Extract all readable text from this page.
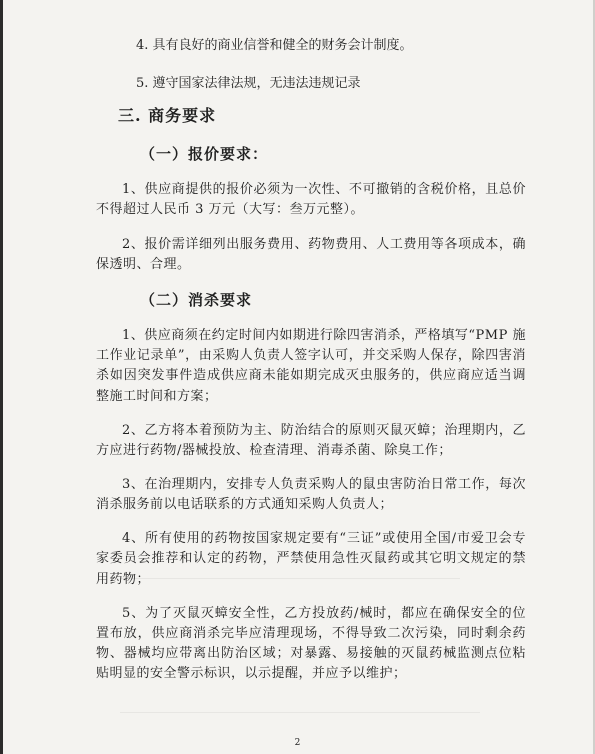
4. 具有良好的商业信誉和健全的财务会计制度。
5. 遵守国家法律法规，无违法违规记录
三. 商务要求
（一）报价要求：

1、供应商提供的报价必须为一次性、不可撤销的含税价格，且总价不得超过人民币 3 万元（大写：叁万元整）。

2、报价需详细列出服务费用、药物费用、人工费用等各项成本，确保透明、合理。

（二）消杀要求

1、供应商须在约定时间内如期进行除四害消杀，严格填写“PMP 施工作业记录单”，由采购人负责人签字认可，并交采购人保存，除四害消杀如因突发事件造成供应商未能如期完成灭虫服务的，供应商应适当调整施工时间和方案；

2、乙方将本着预防为主、防治结合的原则灭鼠灭蟑；治理期内，乙方应进行药物/器械投放、检查清理、消毒杀菌、除臭工作；

3、在治理期内，安排专人负责采购人的鼠虫害防治日常工作，每次消杀服务前以电话联系的方式通知采购人负责人；

4、所有使用的药物按国家规定要有“三证”或使用全国/市爱卫会专家委员会推荐和认定的药物，严禁使用急性灭鼠药或其它明文规定的禁用药物；

5、为了灭鼠灭蟑安全性，乙方投放药/械时，都应在确保安全的位置布放，供应商消杀完毕应清理现场，不得导致二次污染，同时剩余药物、器械均应带离出防治区域；对暴露、易接触的灭鼠药械监测点位粘贴明显的安全警示标识，以示提醒，并应予以维护；

2
